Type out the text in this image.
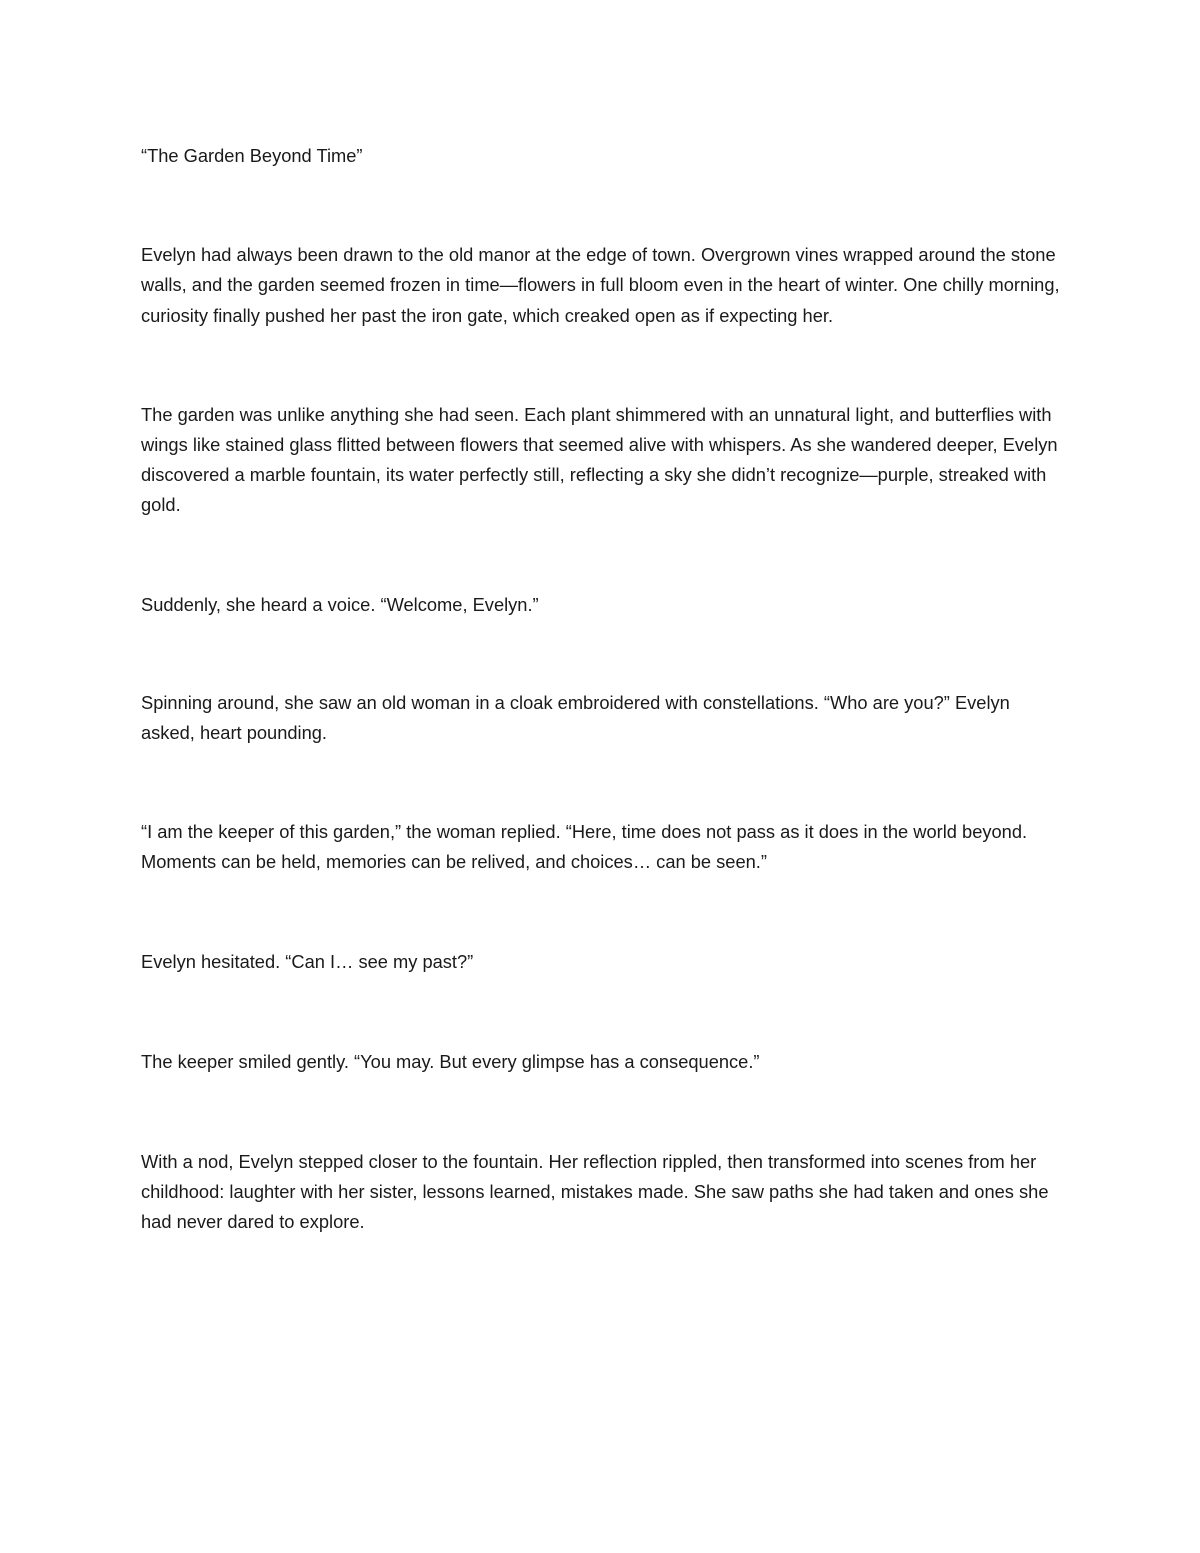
“The Garden Beyond Time”

Evelyn had always been drawn to the old manor at the edge of town. Overgrown vines wrapped around the stone walls, and the garden seemed frozen in time—flowers in full bloom even in the heart of winter. One chilly morning, curiosity finally pushed her past the iron gate, which creaked open as if expecting her.

The garden was unlike anything she had seen. Each plant shimmered with an unnatural light, and butterflies with wings like stained glass flitted between flowers that seemed alive with whispers. As she wandered deeper, Evelyn discovered a marble fountain, its water perfectly still, reflecting a sky she didn’t recognize—purple, streaked with gold.

Suddenly, she heard a voice. “Welcome, Evelyn.”

Spinning around, she saw an old woman in a cloak embroidered with constellations. “Who are you?” Evelyn asked, heart pounding.

“I am the keeper of this garden,” the woman replied. “Here, time does not pass as it does in the world beyond. Moments can be held, memories can be relived, and choices… can be seen.”

Evelyn hesitated. “Can I… see my past?”

The keeper smiled gently. “You may. But every glimpse has a consequence.”

With a nod, Evelyn stepped closer to the fountain. Her reflection rippled, then transformed into scenes from her childhood: laughter with her sister, lessons learned, mistakes made. She saw paths she had taken and ones she had never dared to explore.
